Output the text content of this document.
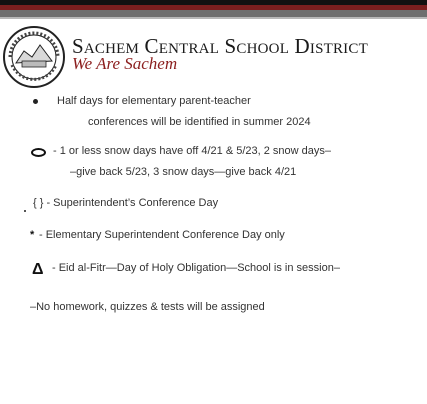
Sachem Central School District
We Are Sachem
Half days for elementary parent-teacher
conferences will be identified in summer 2024
- 1 or less snow days have off 4/21 & 5/23, 2 snow days–
–give back 5/23, 3 snow days—give back 4/21
{ } - Superintendent’s Conference Day
* - Elementary Superintendent Conference Day only
Δ - Eid al-Fitr—Day of Holy Obligation—School is in session–
–No homework, quizzes & tests will be assigned
